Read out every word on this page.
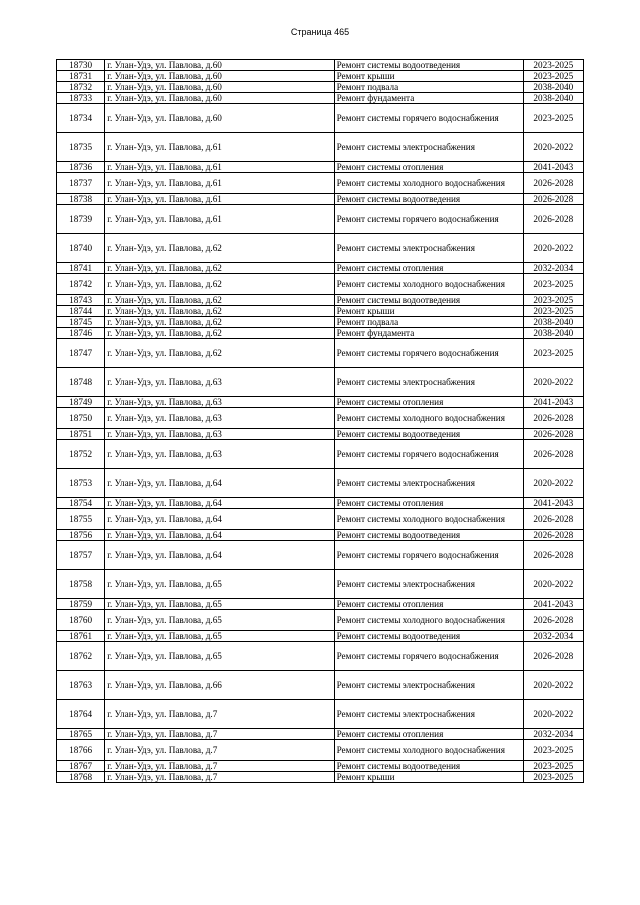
Страница 465
18730	г. Улан-Удэ, ул. Павлова, д.60	Ремонт системы водоотведения	2023-2025
18731	г. Улан-Удэ, ул. Павлова, д.60	Ремонт крыши	2023-2025
18732	г. Улан-Удэ, ул. Павлова, д.60	Ремонт подвала	2038-2040
18733	г. Улан-Удэ, ул. Павлова, д.60	Ремонт фундамента	2038-2040
18734	г. Улан-Удэ, ул. Павлова, д.60	Ремонт системы горячего водоснабжения	2023-2025
18735	г. Улан-Удэ, ул. Павлова, д.61	Ремонт системы электроснабжения	2020-2022
18736	г. Улан-Удэ, ул. Павлова, д.61	Ремонт системы отопления	2041-2043
18737	г. Улан-Удэ, ул. Павлова, д.61	Ремонт системы холодного водоснабжения	2026-2028
18738	г. Улан-Удэ, ул. Павлова, д.61	Ремонт системы водоотведения	2026-2028
18739	г. Улан-Удэ, ул. Павлова, д.61	Ремонт системы горячего водоснабжения	2026-2028
18740	г. Улан-Удэ, ул. Павлова, д.62	Ремонт системы электроснабжения	2020-2022
18741	г. Улан-Удэ, ул. Павлова, д.62	Ремонт системы отопления	2032-2034
18742	г. Улан-Удэ, ул. Павлова, д.62	Ремонт системы холодного водоснабжения	2023-2025
18743	г. Улан-Удэ, ул. Павлова, д.62	Ремонт системы водоотведения	2023-2025
18744	г. Улан-Удэ, ул. Павлова, д.62	Ремонт крыши	2023-2025
18745	г. Улан-Удэ, ул. Павлова, д.62	Ремонт подвала	2038-2040
18746	г. Улан-Удэ, ул. Павлова, д.62	Ремонт фундамента	2038-2040
18747	г. Улан-Удэ, ул. Павлова, д.62	Ремонт системы горячего водоснабжения	2023-2025
18748	г. Улан-Удэ, ул. Павлова, д.63	Ремонт системы электроснабжения	2020-2022
18749	г. Улан-Удэ, ул. Павлова, д.63	Ремонт системы отопления	2041-2043
18750	г. Улан-Удэ, ул. Павлова, д.63	Ремонт системы холодного водоснабжения	2026-2028
18751	г. Улан-Удэ, ул. Павлова, д.63	Ремонт системы водоотведения	2026-2028
18752	г. Улан-Удэ, ул. Павлова, д.63	Ремонт системы горячего водоснабжения	2026-2028
18753	г. Улан-Удэ, ул. Павлова, д.64	Ремонт системы электроснабжения	2020-2022
18754	г. Улан-Удэ, ул. Павлова, д.64	Ремонт системы отопления	2041-2043
18755	г. Улан-Удэ, ул. Павлова, д.64	Ремонт системы холодного водоснабжения	2026-2028
18756	г. Улан-Удэ, ул. Павлова, д.64	Ремонт системы водоотведения	2026-2028
18757	г. Улан-Удэ, ул. Павлова, д.64	Ремонт системы горячего водоснабжения	2026-2028
18758	г. Улан-Удэ, ул. Павлова, д.65	Ремонт системы электроснабжения	2020-2022
18759	г. Улан-Удэ, ул. Павлова, д.65	Ремонт системы отопления	2041-2043
18760	г. Улан-Удэ, ул. Павлова, д.65	Ремонт системы холодного водоснабжения	2026-2028
18761	г. Улан-Удэ, ул. Павлова, д.65	Ремонт системы водоотведения	2032-2034
18762	г. Улан-Удэ, ул. Павлова, д.65	Ремонт системы горячего водоснабжения	2026-2028
18763	г. Улан-Удэ, ул. Павлова, д.66	Ремонт системы электроснабжения	2020-2022
18764	г. Улан-Удэ, ул. Павлова, д.7	Ремонт системы электроснабжения	2020-2022
18765	г. Улан-Удэ, ул. Павлова, д.7	Ремонт системы отопления	2032-2034
18766	г. Улан-Удэ, ул. Павлова, д.7	Ремонт системы холодного водоснабжения	2023-2025
18767	г. Улан-Удэ, ул. Павлова, д.7	Ремонт системы водоотведения	2023-2025
18768	г. Улан-Удэ, ул. Павлова, д.7	Ремонт крыши	2023-2025
